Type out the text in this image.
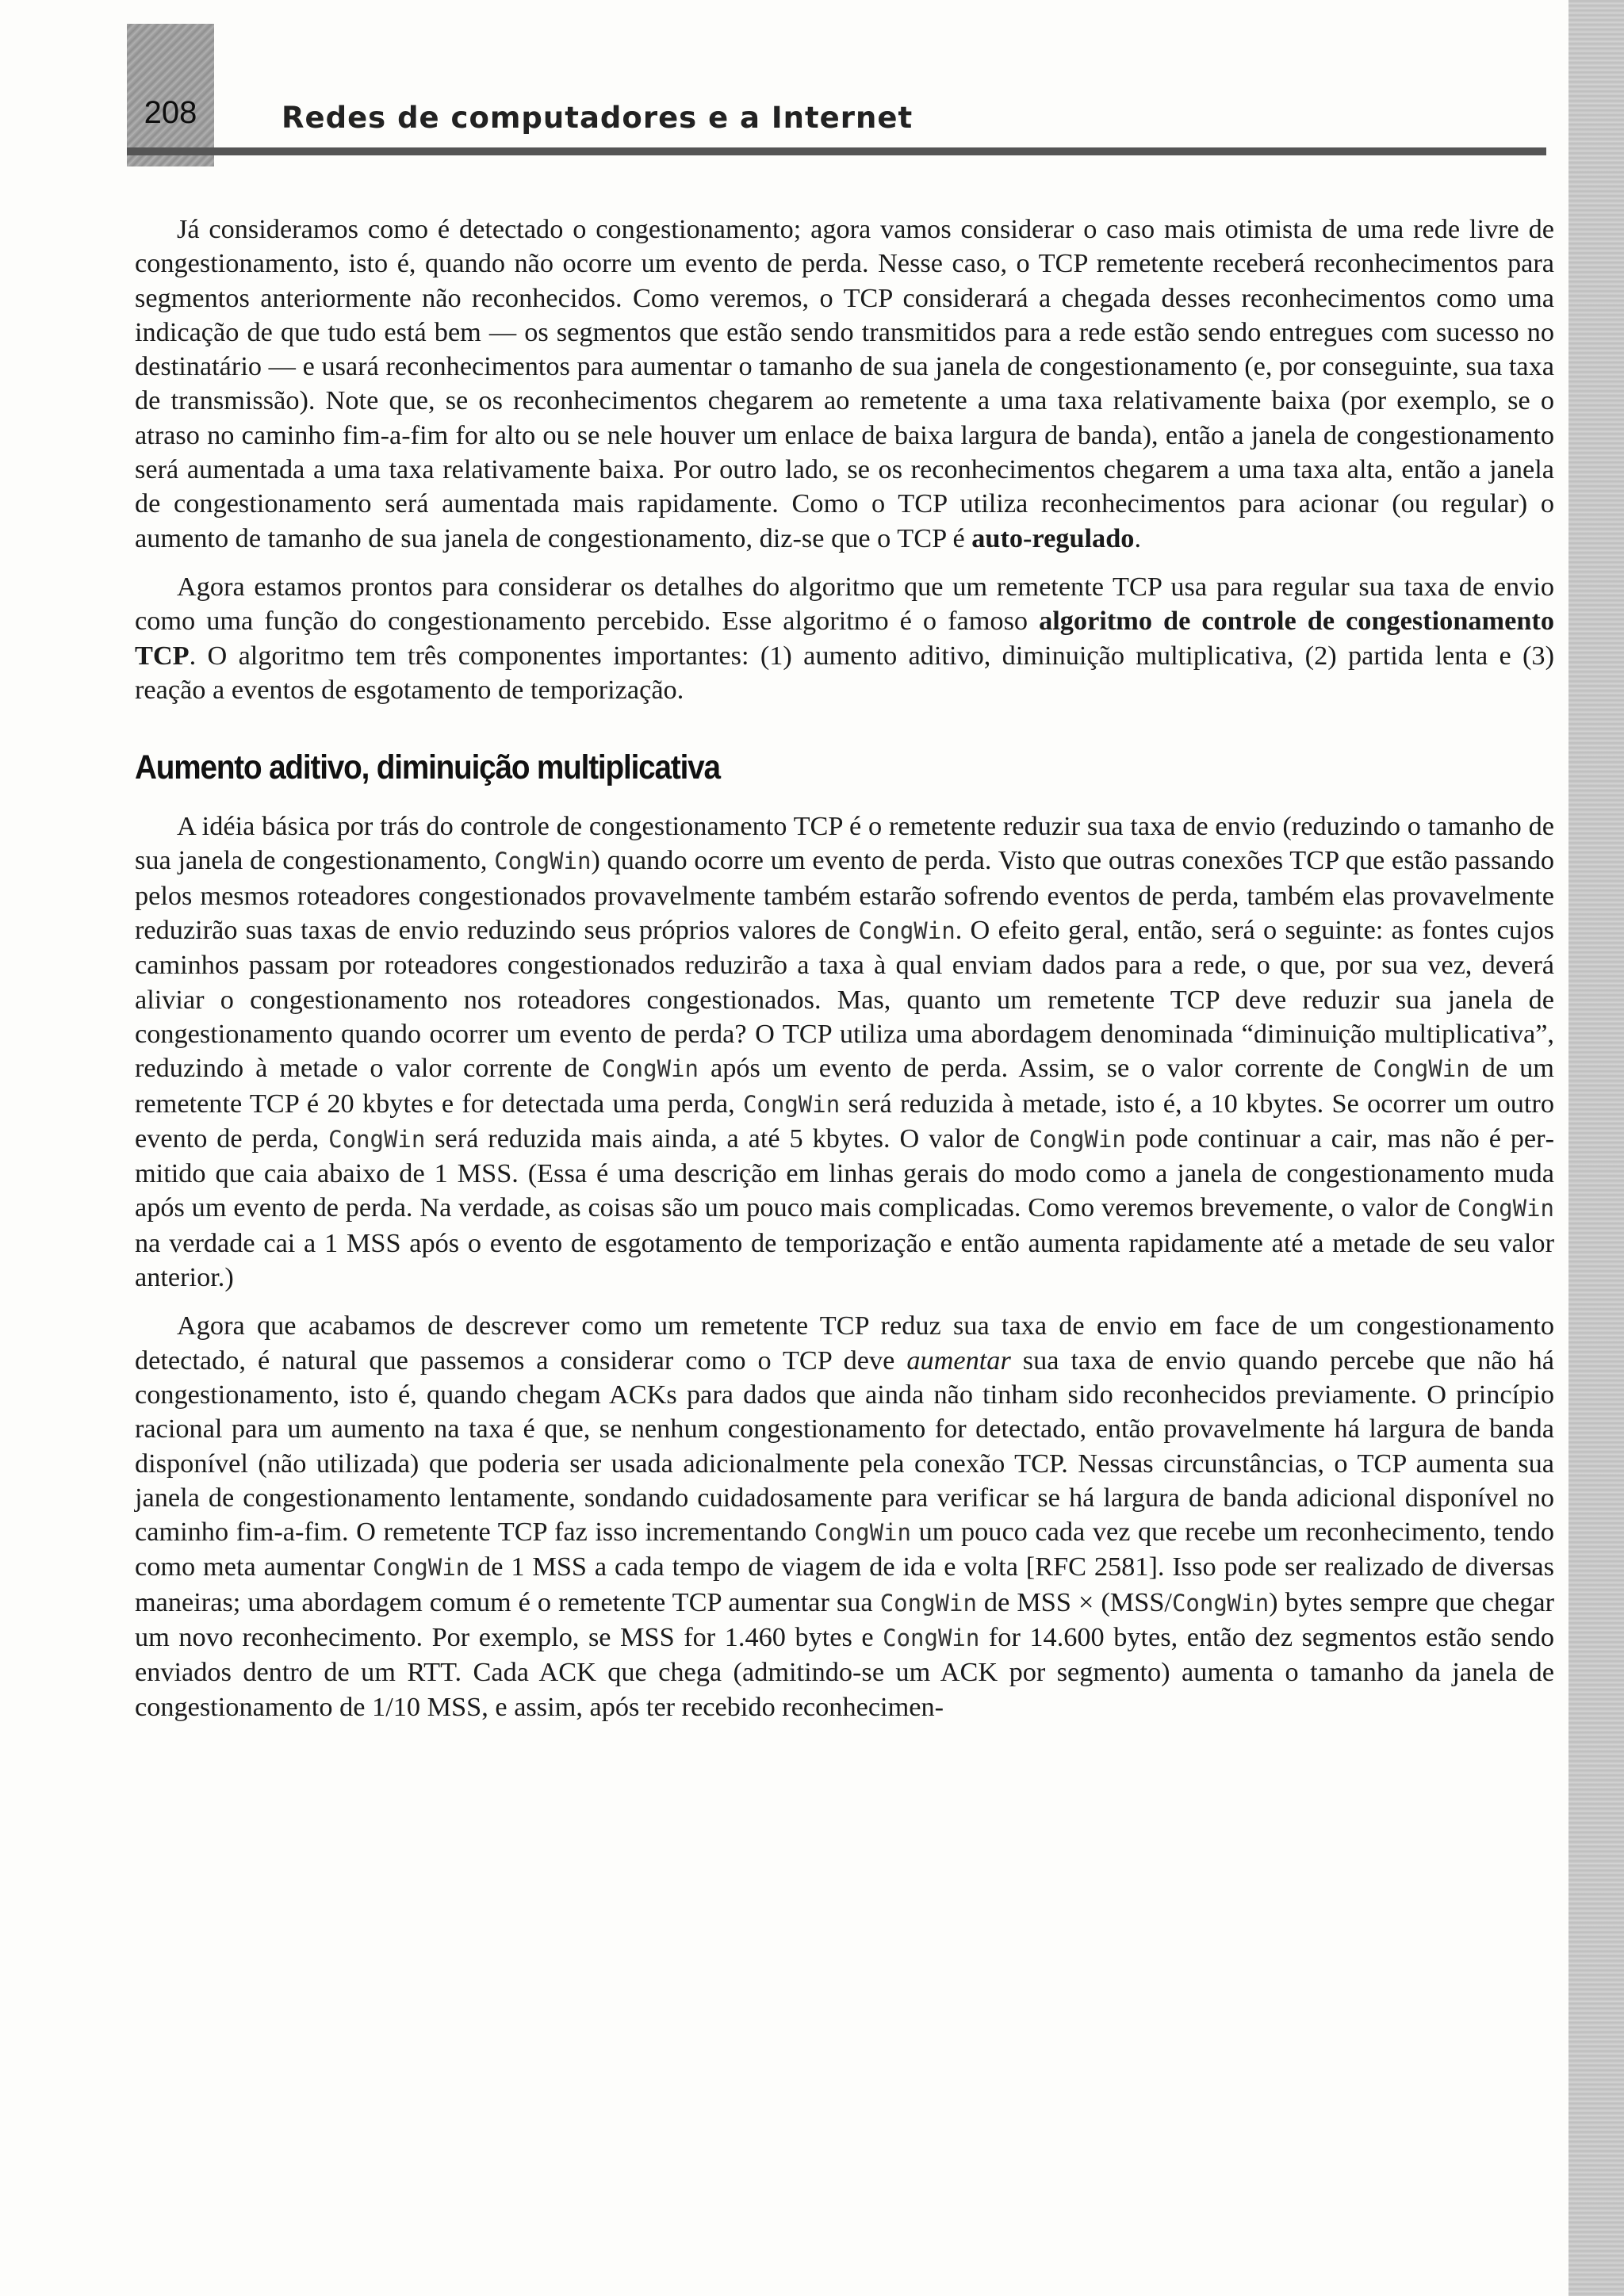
208	Redes de computadores e a Internet

Já consideramos como é detectado o congestionamento; agora vamos considerar o caso mais otimista de uma rede livre de congestionamento, isto é, quando não ocorre um evento de perda. Nesse caso, o TCP remetente receberá reconhecimentos para segmentos anteriormente não reconhecidos. Como veremos, o TCP considerará a chegada desses reconhecimentos como uma indicação de que tudo está bem — os segmentos que estão sendo transmitidos para a rede estão sendo entregues com sucesso no destinatário — e usará reconhecimentos para aumentar o tamanho de sua janela de congestionamento (e, por conseguinte, sua taxa de transmissão). Note que, se os reconhecimentos chegarem ao remetente a uma taxa relativamente baixa (por exemplo, se o atraso no caminho fim-a-fim for alto ou se nele houver um enlace de baixa largura de banda), então a janela de congestionamento será aumentada a uma taxa relativamente baixa. Por outro lado, se os reconhecimentos chegarem a uma taxa alta, então a janela de congestionamento será aumentada mais rapidamente. Como o TCP utiliza reconhecimentos para acionar (ou regular) o aumento de tamanho de sua janela de congestionamento, diz-se que o TCP é auto-regulado.

Agora estamos prontos para considerar os detalhes do algoritmo que um remetente TCP usa para regular sua taxa de envio como uma função do congestionamento percebido. Esse algoritmo é o famoso algoritmo de controle de congestionamento TCP. O algoritmo tem três componentes importantes: (1) aumento aditivo, diminuição multiplicativa, (2) partida lenta e (3) reação a eventos de esgotamento de temporização.

Aumento aditivo, diminuição multiplicativa

A idéia básica por trás do controle de congestionamento TCP é o remetente reduzir sua taxa de envio (reduzindo o tamanho de sua janela de congestionamento, CongWin) quando ocorre um evento de perda. Visto que outras conexões TCP que estão passando pelos mesmos roteadores congestionados provavelmente também estarão sofrendo eventos de perda, também elas provavelmente reduzirão suas taxas de envio reduzindo seus próprios valores de CongWin. O efeito geral, então, será o seguinte: as fontes cujos caminhos passam por roteadores congestionados reduzirão a taxa à qual enviam dados para a rede, o que, por sua vez, deverá aliviar o congestionamento nos roteadores congestionados. Mas, quanto um remetente TCP deve reduzir sua janela de congestionamento quando ocorrer um evento de perda? O TCP utiliza uma abordagem denominada “diminuição multiplicativa”, reduzindo à metade o valor corrente de CongWin após um evento de perda. Assim, se o valor corrente de CongWin de um remetente TCP é 20 kbytes e for detectada uma perda, CongWin será reduzida à metade, isto é, a 10 kbytes. Se ocorrer um outro evento de perda, CongWin será reduzida mais ainda, a até 5 kbytes. O valor de CongWin pode continuar a cair, mas não é permitido que caia abaixo de 1 MSS. (Essa é uma descrição em linhas gerais do modo como a janela de congestionamento muda após um evento de perda. Na verdade, as coisas são um pouco mais complicadas. Como veremos brevemente, o valor de CongWin na verdade cai a 1 MSS após o evento de esgotamento de temporização e então aumenta rapidamente até a metade de seu valor anterior.)

Agora que acabamos de descrever como um remetente TCP reduz sua taxa de envio em face de um congestionamento detectado, é natural que passemos a considerar como o TCP deve aumentar sua taxa de envio quando percebe que não há congestionamento, isto é, quando chegam ACKs para dados que ainda não tinham sido reconhecidos previamente. O princípio racional para um aumento na taxa é que, se nenhum congestionamento for detectado, então provavelmente há largura de banda disponível (não utilizada) que poderia ser usada adicionalmente pela conexão TCP. Nessas circunstâncias, o TCP aumenta sua janela de congestionamento lentamente, sondando cuidadosamente para verificar se há largura de banda adicional disponível no caminho fim-a-fim. O remetente TCP faz isso incrementando CongWin um pouco cada vez que recebe um reconhecimento, tendo como meta aumentar CongWin de 1 MSS a cada tempo de viagem de ida e volta [RFC 2581]. Isso pode ser realizado de diversas maneiras; uma abordagem comum é o remetente TCP aumentar sua CongWin de MSS × (MSS/CongWin) bytes sempre que chegar um novo reconhecimento. Por exemplo, se MSS for 1.460 bytes e CongWin for 14.600 bytes, então dez segmentos estão sendo enviados dentro de um RTT. Cada ACK que chega (admitindo-se um ACK por segmento) aumenta o tamanho da janela de congestionamento de 1/10 MSS, e assim, após ter recebido reconhecimen-
